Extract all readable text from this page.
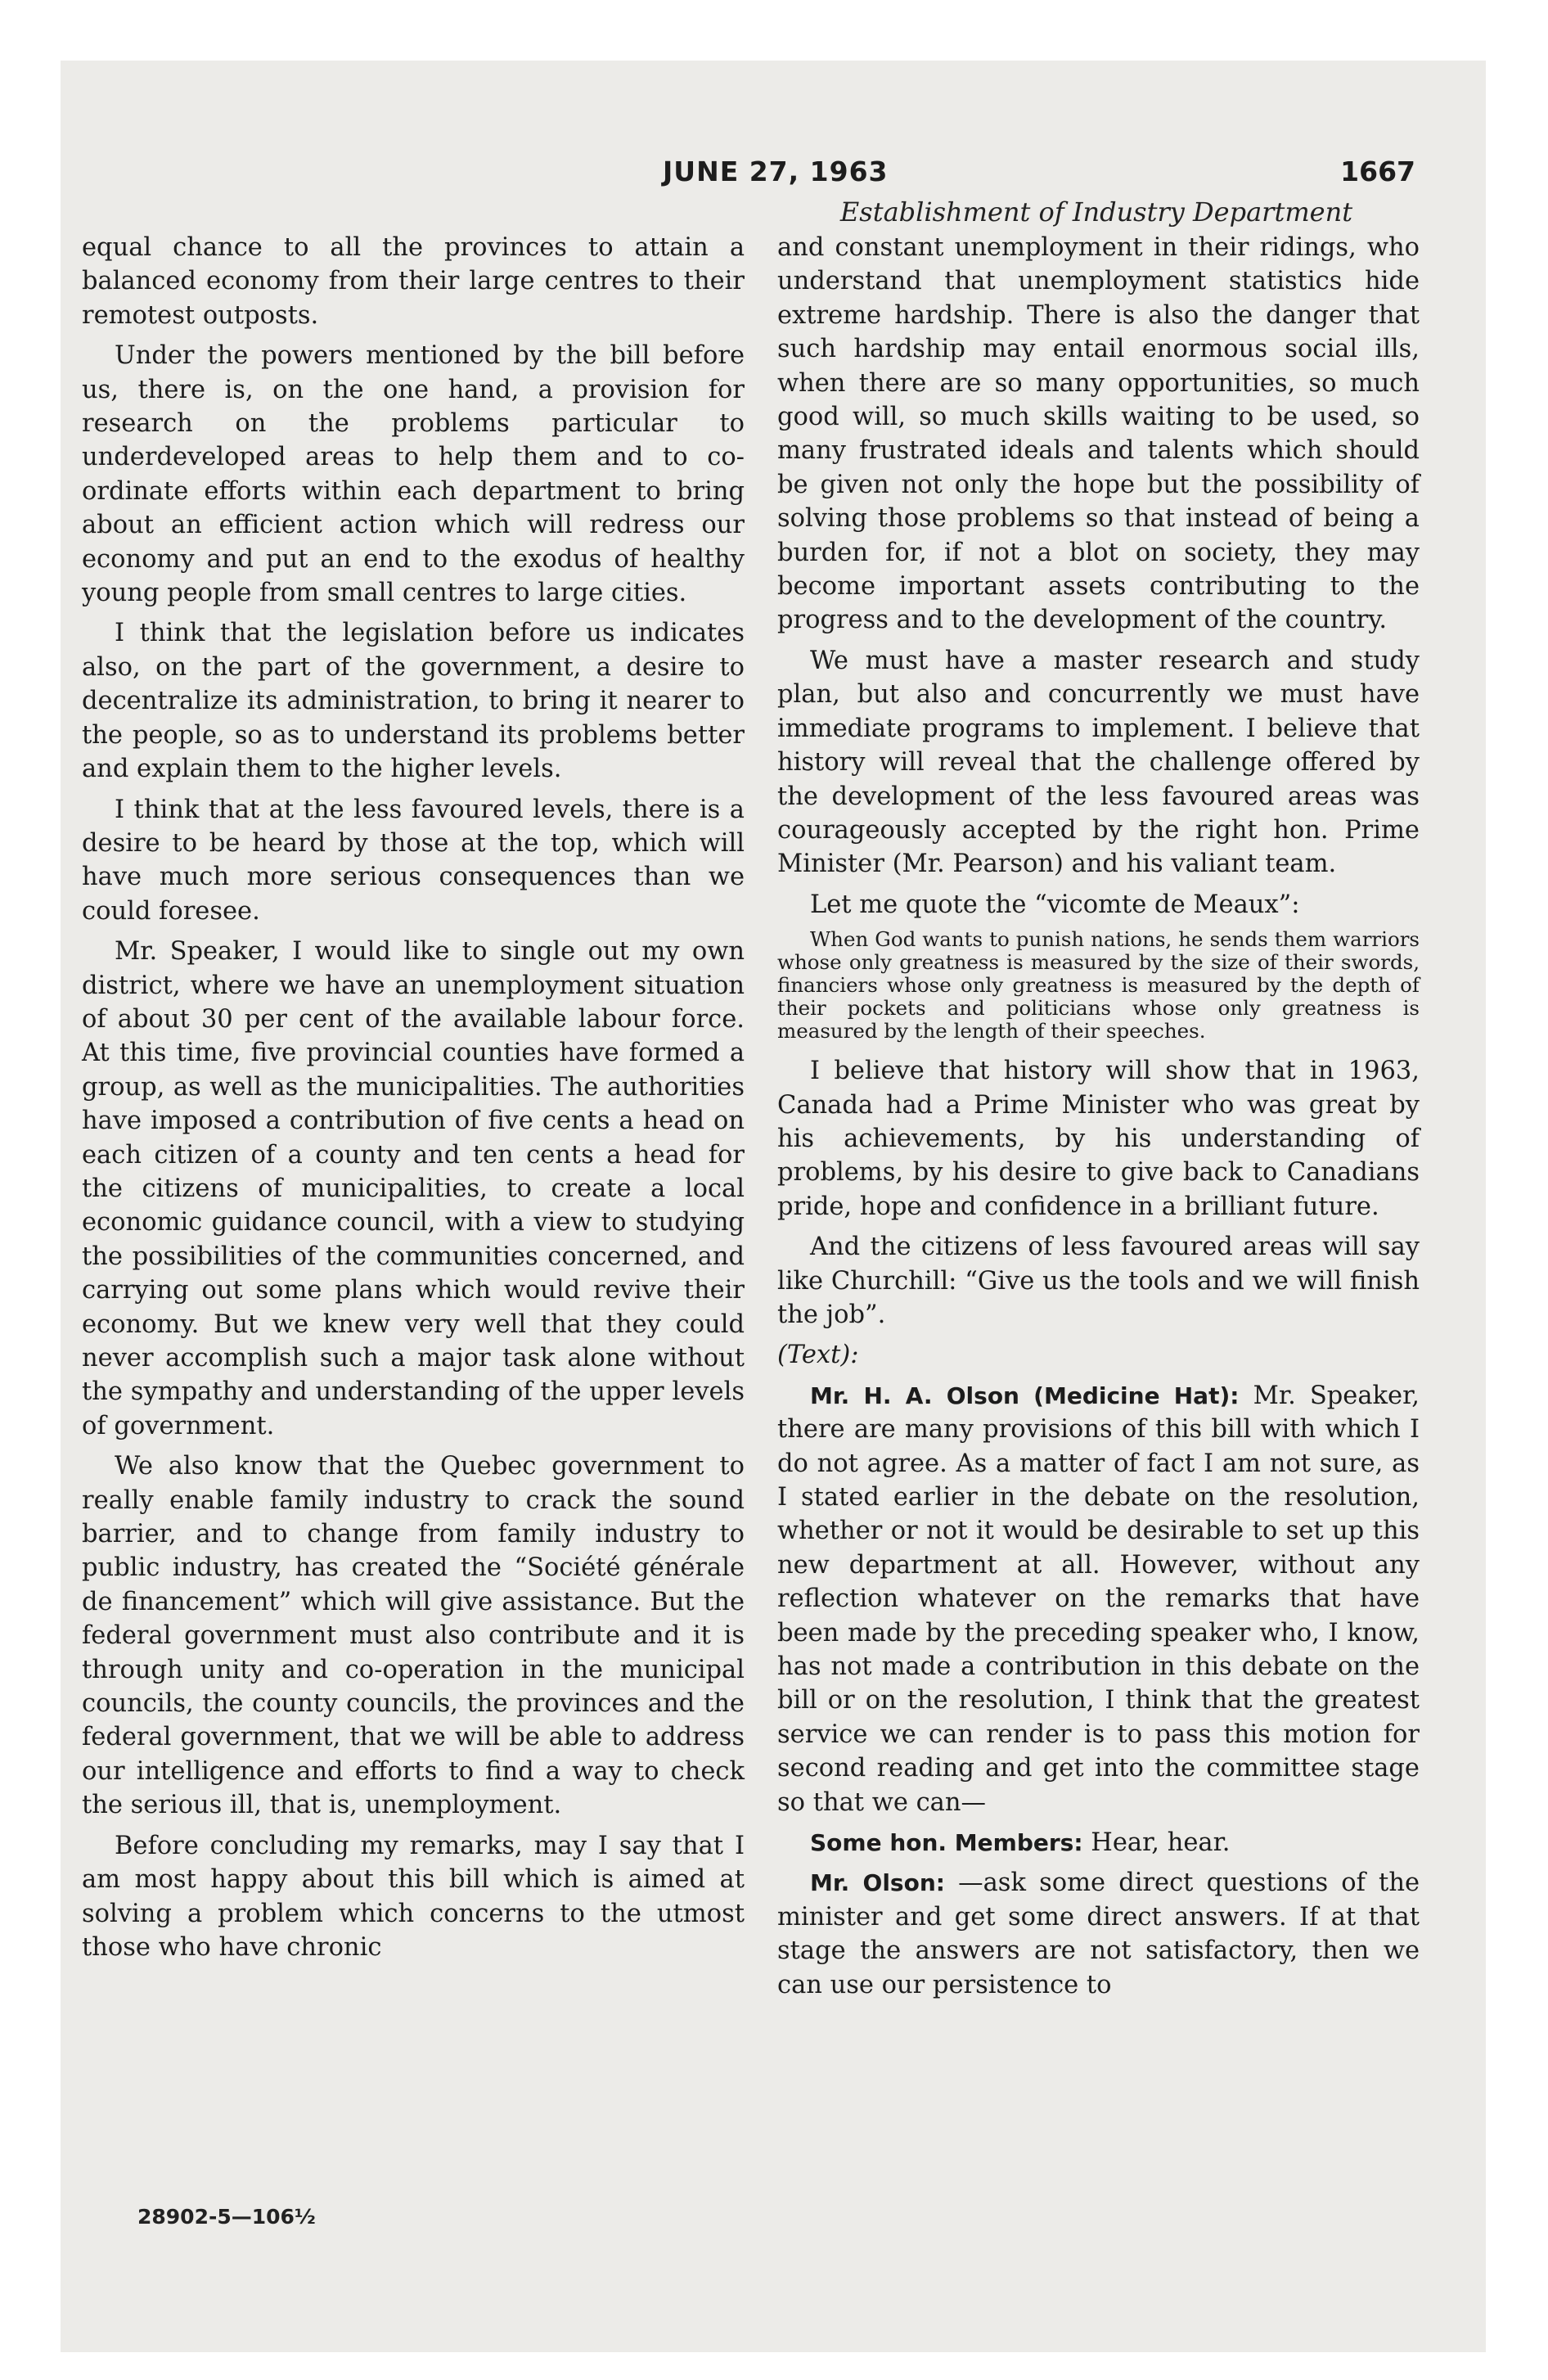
JUNE 27, 1963	1667
Establishment of Industry Department

equal chance to all the provinces to attain a balanced economy from their large centres to their remotest outposts.

Under the powers mentioned by the bill before us, there is, on the one hand, a provision for research on the problems particular to underdeveloped areas to help them and to co-ordinate efforts within each department to bring about an efficient action which will redress our economy and put an end to the exodus of healthy young people from small centres to large cities.

I think that the legislation before us indicates also, on the part of the government, a desire to decentralize its administration, to bring it nearer to the people, so as to understand its problems better and explain them to the higher levels.

I think that at the less favoured levels, there is a desire to be heard by those at the top, which will have much more serious consequences than we could foresee.

Mr. Speaker, I would like to single out my own district, where we have an unemployment situation of about 30 per cent of the available labour force. At this time, five provincial counties have formed a group, as well as the municipalities. The authorities have imposed a contribution of five cents a head on each citizen of a county and ten cents a head for the citizens of municipalities, to create a local economic guidance council, with a view to studying the possibilities of the communities concerned, and carrying out some plans which would revive their economy. But we knew very well that they could never accomplish such a major task alone without the sympathy and understanding of the upper levels of government.

We also know that the Quebec government to really enable family industry to crack the sound barrier, and to change from family industry to public industry, has created the “Société générale de financement” which will give assistance. But the federal government must also contribute and it is through unity and co-operation in the municipal councils, the county councils, the provinces and the federal government, that we will be able to address our intelligence and efforts to find a way to check the serious ill, that is, unemployment.

Before concluding my remarks, may I say that I am most happy about this bill which is aimed at solving a problem which concerns to the utmost those who have chronic

and constant unemployment in their ridings, who understand that unemployment statistics hide extreme hardship. There is also the danger that such hardship may entail enormous social ills, when there are so many opportunities, so much good will, so much skills waiting to be used, so many frustrated ideals and talents which should be given not only the hope but the possibility of solving those problems so that instead of being a burden for, if not a blot on society, they may become important assets contributing to the progress and to the development of the country.

We must have a master research and study plan, but also and concurrently we must have immediate programs to implement. I believe that history will reveal that the challenge offered by the development of the less favoured areas was courageously accepted by the right hon. Prime Minister (Mr. Pearson) and his valiant team.

Let me quote the “vicomte de Meaux”:

When God wants to punish nations, he sends them warriors whose only greatness is measured by the size of their swords, financiers whose only greatness is measured by the depth of their pockets and politicians whose only greatness is measured by the length of their speeches.

I believe that history will show that in 1963, Canada had a Prime Minister who was great by his achievements, by his understanding of problems, by his desire to give back to Canadians pride, hope and confidence in a brilliant future.

And the citizens of less favoured areas will say like Churchill: “Give us the tools and we will finish the job”.

(Text):

Mr. H. A. Olson (Medicine Hat): Mr. Speaker, there are many provisions of this bill with which I do not agree. As a matter of fact I am not sure, as I stated earlier in the debate on the resolution, whether or not it would be desirable to set up this new department at all. However, without any reflection whatever on the remarks that have been made by the preceding speaker who, I know, has not made a contribution in this debate on the bill or on the resolution, I think that the greatest service we can render is to pass this motion for second reading and get into the committee stage so that we can—

Some hon. Members: Hear, hear.

Mr. Olson: —ask some direct questions of the minister and get some direct answers. If at that stage the answers are not satisfactory, then we can use our persistence to

28902-5—106½
